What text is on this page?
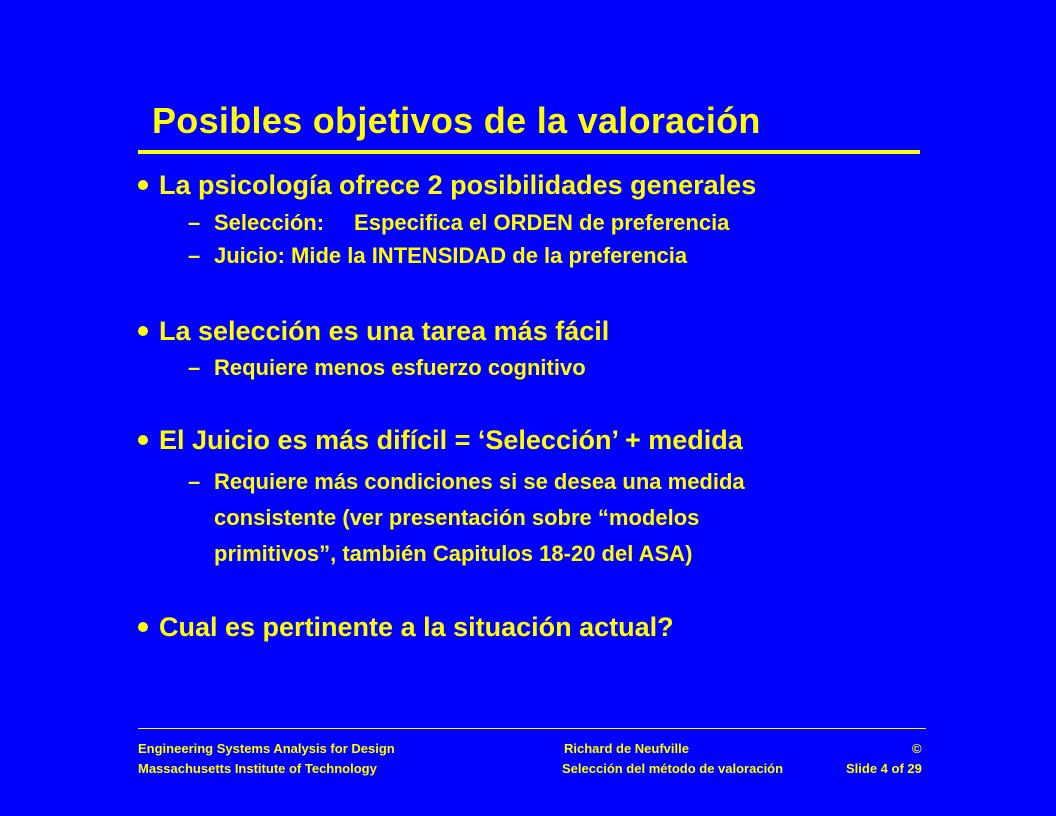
Posibles objetivos de la valoración
La psicología ofrece 2 posibilidades generales
– Selección: Especifica el ORDEN de preferencia
– Juicio: Mide la INTENSIDAD de la preferencia
La selección es una tarea más fácil
– Requiere menos esfuerzo cognitivo
El Juicio es más difícil = ‘Selección’ + medida
– Requiere más condiciones si se desea una medida
consistente (ver presentación sobre “modelos
primitivos”, también Capitulos 18-20 del ASA)
Cual es pertinente a la situación actual?
Engineering Systems Analysis for Design
Massachusetts Institute of Technology
Richard de Neufville	©
Selección del método de valoración	Slide 4 of 29
